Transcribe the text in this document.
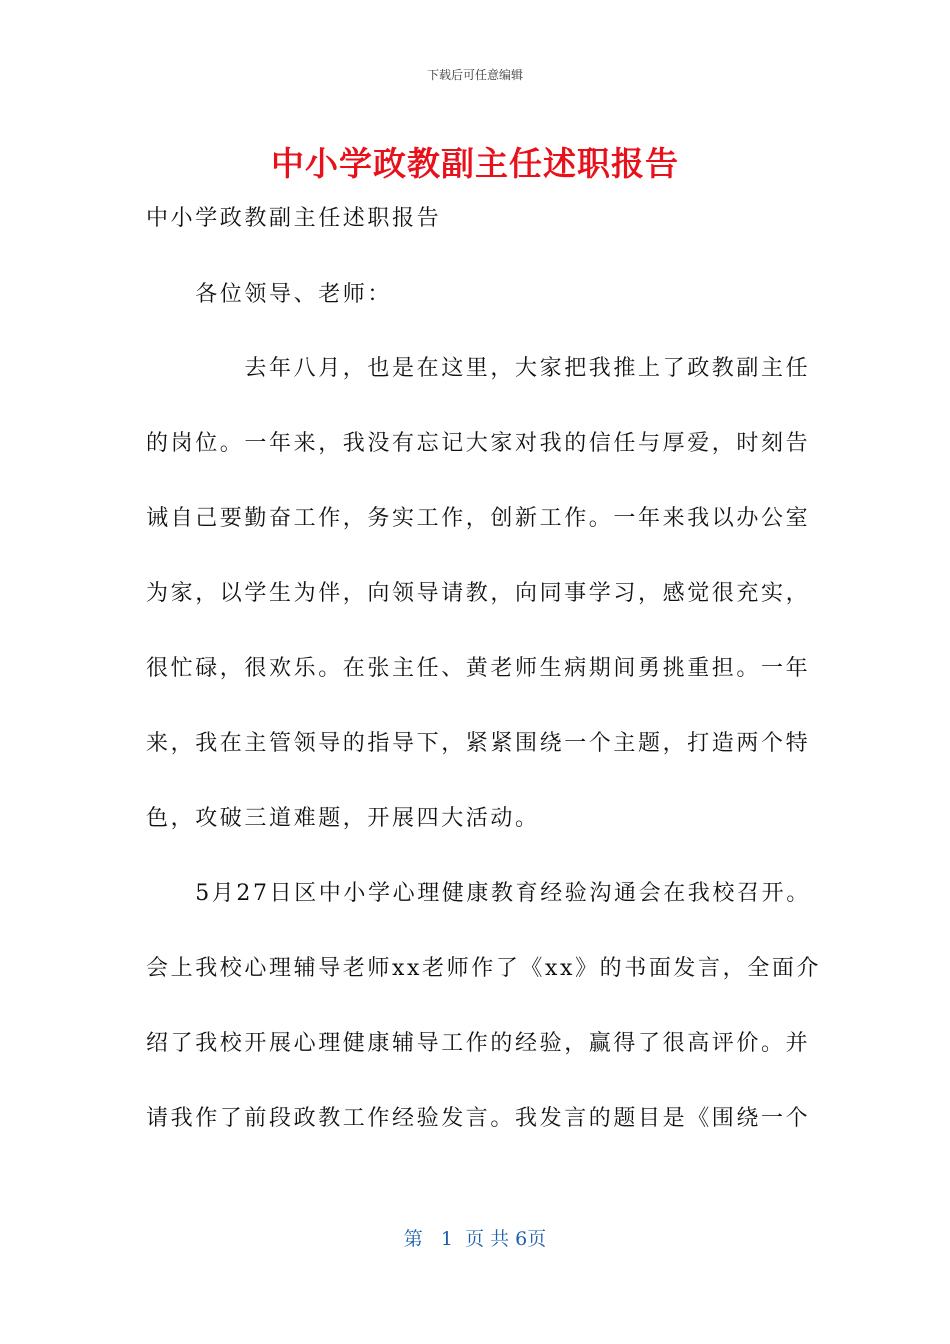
下载后可任意编辑
中小学政教副主任述职报告
中小学政教副主任述职报告
　　各位领导、老师：
　　　　去年八月，也是在这里，大家把我推上了政教副主任
的岗位。一年来，我没有忘记大家对我的信任与厚爱，时刻告
诫自己要勤奋工作，务实工作，创新工作。一年来我以办公室
为家，以学生为伴，向领导请教，向同事学习，感觉很充实，
很忙碌，很欢乐。在张主任、黄老师生病期间勇挑重担。一年
来，我在主管领导的指导下，紧紧围绕一个主题，打造两个特
色，攻破三道难题，开展四大活动。
　　5月27日区中小学心理健康教育经验沟通会在我校召开。
会上我校心理辅导老师xx老师作了《xx》的书面发言，全面介
绍了我校开展心理健康辅导工作的经验，赢得了很高评价。并
请我作了前段政教工作经验发言。我发言的题目是《围绕一个
第 1 页 共 6页
